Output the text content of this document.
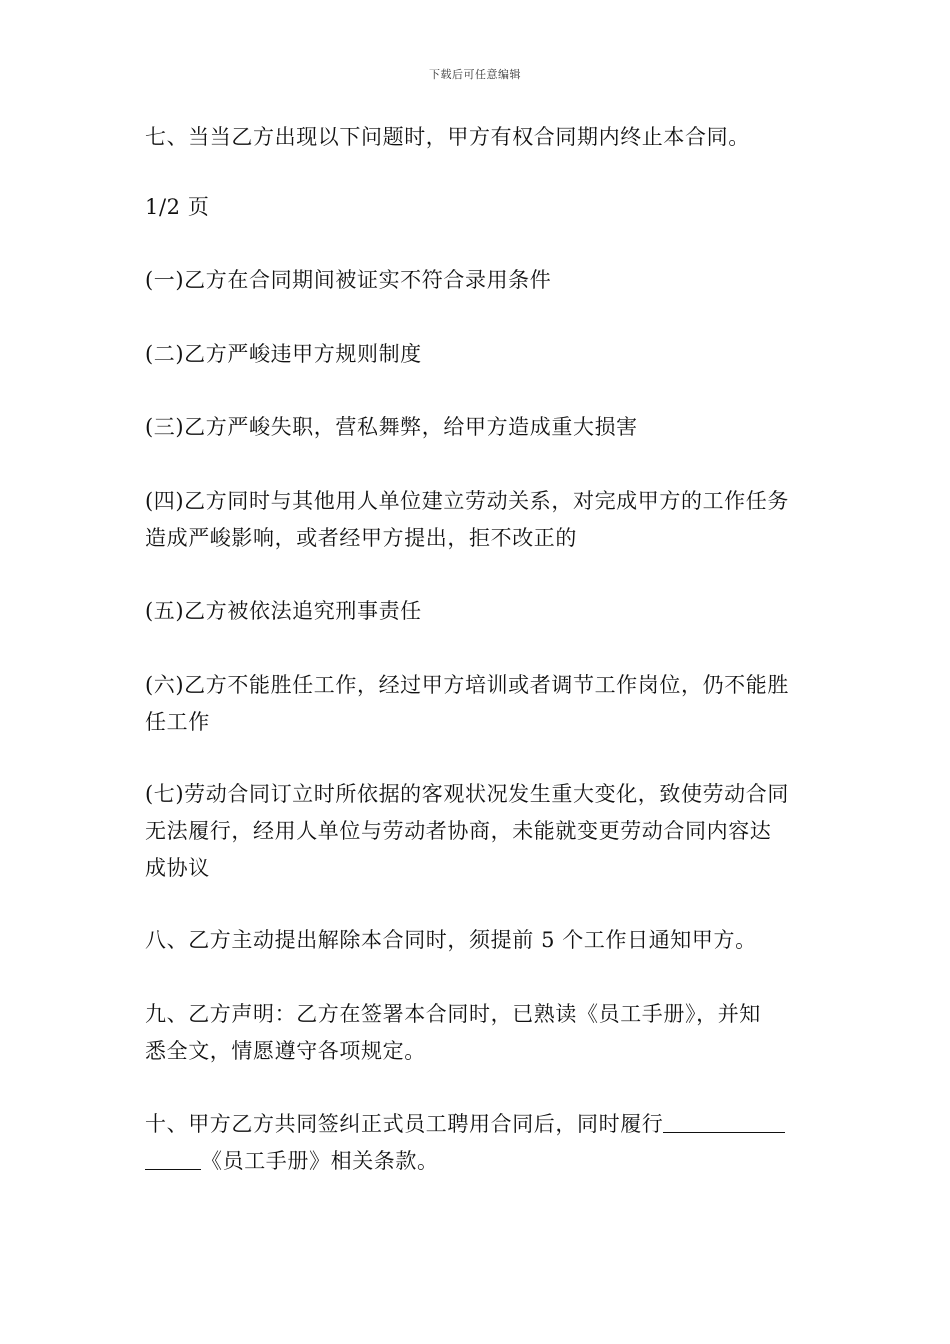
下载后可任意编辑
七、当当乙方出现以下问题时，甲方有权合同期内终止本合同。
1/2 页
(一)乙方在合同期间被证实不符合录用条件
(二)乙方严峻违甲方规则制度
(三)乙方严峻失职，营私舞弊，给甲方造成重大损害
(四)乙方同时与其他用人单位建立劳动关系，对完成甲方的工作任务
造成严峻影响，或者经甲方提出，拒不改正的
(五)乙方被依法追究刑事责任
(六)乙方不能胜任工作，经过甲方培训或者调节工作岗位，仍不能胜
任工作
(七)劳动合同订立时所依据的客观状况发生重大变化，致使劳动合同
无法履行，经用人单位与劳动者协商，未能就变更劳动合同内容达
成协议
八、乙方主动提出解除本合同时，须提前 5 个工作日通知甲方。
九、乙方声明：乙方在签署本合同时，已熟读《员工手册》，并知
悉全文，情愿遵守各项规定。
十、甲方乙方共同签纠正式员工聘用合同后，同时履行
《员工手册》相关条款。
